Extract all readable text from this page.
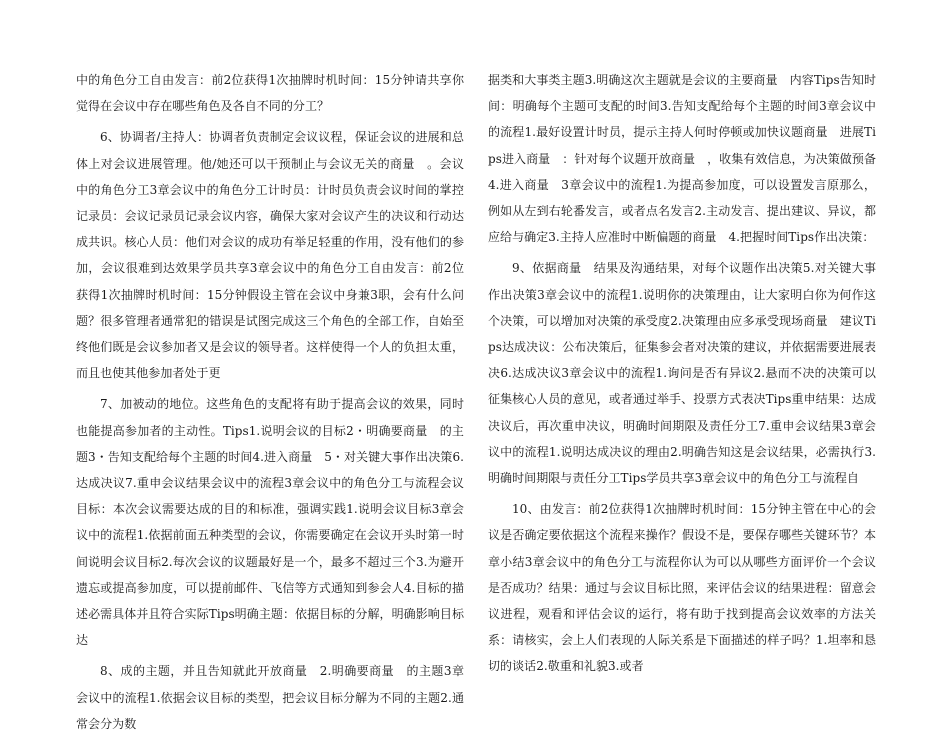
中的角色分工自由发言：前2位获得1次抽牌时机时间：15分钟请共享你觉得在会议中存在哪些角色及各自不同的分工？

6、协调者/主持人：协调者负责制定会议议程，保证会议的进展和总体上对会议进展管理。他/她还可以干预制止与会议无关的商量　。会议中的角色分工3章会议中的角色分工计时员：计时员负责会议时间的掌控记录员：会议记录员记录会议内容，确保大家对会议产生的决议和行动达成共识。核心人员：他们对会议的成功有举足轻重的作用，没有他们的参加，会议很难到达效果学员共享3章会议中的角色分工自由发言：前2位获得1次抽牌时机时间：15分钟假设主管在会议中身兼3职，会有什么问题？很多管理者通常犯的错误是试图完成这三个角色的全部工作，自始至终他们既是会议参加者又是会议的领导者。这样使得一个人的负担太重，而且也使其他参加者处于更

7、加被动的地位。这些角色的支配将有助于提高会议的效果，同时也能提高参加者的主动性。Tips1.说明会议的目标2・明确要商量　的主题3・告知支配给每个主题的时间4.进入商量　5・对关键大事作出决策6.达成决议7.重申会议结果会议中的流程3章会议中的角色分工与流程会议目标：本次会议需要达成的目的和标准，强调实践1.说明会议目标3章会议中的流程1.依据前面五种类型的会议，你需要确定在会议开头时第一时间说明会议目标2.每次会议的议题最好是一个，最多不超过三个3.为避开遗忘或提高参加度，可以提前邮件、飞信等方式通知到参会人4.目标的描述必需具体并且符合实际Tips明确主题：依据目标的分解，明确影响目标达

8、成的主题，并且告知就此开放商量　2.明确要商量　的主题3章会议中的流程1.依据会议目标的类型，把会议目标分解为不同的主题2.通常会分为数

据类和大事类主题3.明确这次主题就是会议的主要商量　内容Tips告知时间：明确每个主题可支配的时间3.告知支配给每个主题的时间3章会议中的流程1.最好设置计时员，提示主持人何时停顿或加快议题商量　进展Tips进入商量　：针对每个议题开放商量　，收集有效信息，为决策做预备4.进入商量　3章会议中的流程1.为提高参加度，可以设置发言原那么，例如从左到右轮番发言，或者点名发言2.主动发言、提出建议、异议，都应给与确定3.主持人应准时中断偏题的商量　4.把握时间Tips作出决策：

9、依据商量　结果及沟通结果，对每个议题作出决策5.对关键大事作出决策3章会议中的流程1.说明你的决策理由，让大家明白你为何作这个决策，可以增加对决策的承受度2.决策理由应多承受现场商量　建议Tips达成决议：公布决策后，征集参会者对决策的建议，并依据需要进展表决6.达成决议3章会议中的流程1.询问是否有异议2.悬而不决的决策可以征集核心人员的意见，或者通过举手、投票方式表决Tips重申结果：达成决议后，再次重申决议，明确时间期限及责任分工7.重申会议结果3章会议中的流程1.说明达成决议的理由2.明确告知这是会议结果，必需执行3.明确时间期限与责任分工Tips学员共享3章会议中的角色分工与流程自

10、由发言：前2位获得1次抽牌时机时间：15分钟主管在中心的会议是否确定要依据这个流程来操作？假设不是，要保存哪些关键环节？本章小结3章会议中的角色分工与流程你认为可以从哪些方面评价一个会议是否成功？结果：通过与会议目标比照，来评估会议的结果进程：留意会议进程，观看和评估会议的运行，将有助于找到提高会议效率的方法关系：请核实，会上人们表现的人际关系是下面描述的样子吗？1.坦率和恳切的谈话2.敬重和礼貌3.或者
